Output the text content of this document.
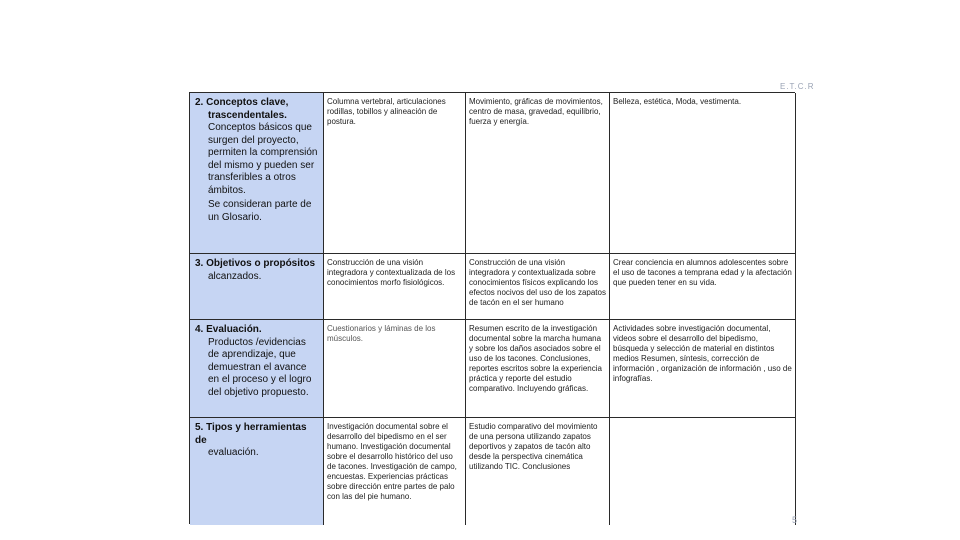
E.T.C.R
2. Conceptos clave,
trascendentales.
Conceptos básicos que surgen del proyecto, permiten la comprensión del mismo y pueden ser transferibles a otros ámbitos.
Se consideran parte de un Glosario.
Columna vertebral, articulaciones rodillas, tobillos y alineación de postura.
Movimiento, gráficas de movimientos, centro de masa, gravedad, equilibrio, fuerza y energía.
Belleza, estética, Moda, vestimenta.
3. Objetivos o propósitos
alcanzados.
Construcción de una visión integradora y contextualizada de los conocimientos morfo fisiológicos.
Construcción de una visión integradora y contextualizada sobre conocimientos físicos explicando los efectos nocivos del uso de los zapatos de tacón en el ser humano
Crear conciencia en alumnos adolescentes sobre el uso de tacones a temprana edad y la afectación que pueden tener en su vida.
4. Evaluación.
Productos /evidencias de aprendizaje, que demuestran el avance en el proceso y el logro del objetivo propuesto.
Cuestionarios y láminas de los músculos.
Resumen escrito de la investigación documental sobre la marcha humana y sobre los daños asociados sobre el uso de los tacones. Conclusiones, reportes escritos sobre la experiencia práctica y reporte del estudio comparativo. Incluyendo gráficas.
Actividades sobre investigación documental, videos sobre el desarrollo del bipedismo, búsqueda y selección de material en distintos medios Resumen, síntesis, corrección de información , organización de información , uso de infografías.
5. Tipos y herramientas de
evaluación.
Investigación documental sobre el desarrollo del bipedismo en el ser humano. Investigación documental sobre el desarrollo histórico del uso de tacones. Investigación de campo, encuestas. Experiencias prácticas sobre dirección entre partes de palo con las del pie humano.
Estudio comparativo del movimiento de una persona utilizando zapatos deportivos y zapatos de tacón alto desde la perspectiva cinemática utilizando TIC. Conclusiones
5
